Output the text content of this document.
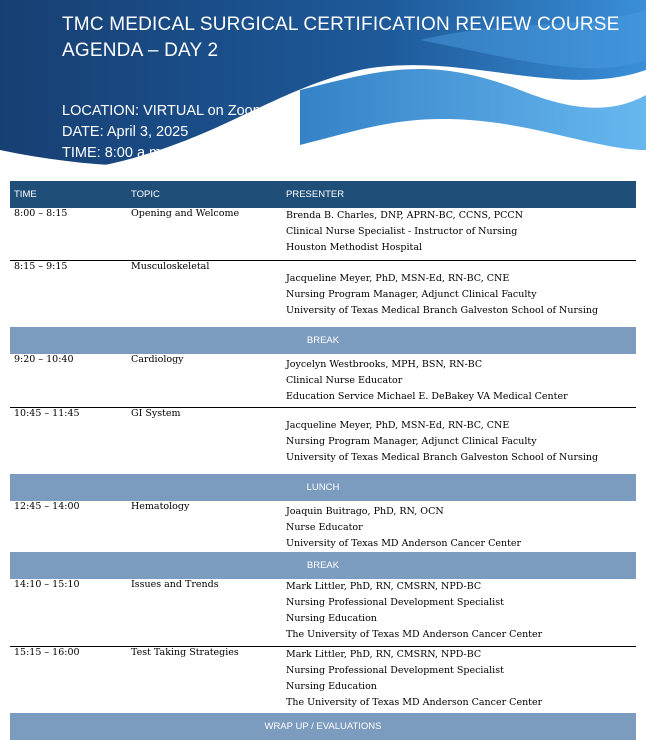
TMC MEDICAL SURGICAL CERTIFICATION REVIEW COURSE
AGENDA – DAY 2
LOCATION: VIRTUAL on Zoom
DATE: April 3, 2025
TIME: 8:00 a.m. – 5:00 p.m.
TIME	TOPIC	PRESENTER
8:00 – 8:15	Opening and Welcome	Brenda B. Charles, DNP, APRN-BC, CCNS, PCCN
Clinical Nurse Specialist - Instructor of Nursing
Houston Methodist Hospital

8:15 – 9:15	Musculoskeletal	Jacqueline Meyer, PhD, MSN-Ed, RN-BC, CNE
Nursing Program Manager, Adjunct Clinical Faculty
University of Texas Medical Branch Galveston School of Nursing

BREAK		
9:20 – 10:40	Cardiology	Joycelyn Westbrooks, MPH, BSN, RN-BC
Clinical Nurse Educator
Education Service Michael E. DeBakey VA Medical Center

10:45 – 11:45	GI System	Jacqueline Meyer, PhD, MSN-Ed, RN-BC, CNE
Nursing Program Manager, Adjunct Clinical Faculty
University of Texas Medical Branch Galveston School of Nursing

LUNCH		
12:45 – 14:00	Hematology	Joaquin Buitrago, PhD, RN, OCN
Nurse Educator
University of Texas MD Anderson Cancer Center

BREAK		
14:10 – 15:10	Issues and Trends	Mark Littler, PhD, RN, CMSRN, NPD-BC
Nursing Professional Development Specialist
Nursing Education
The University of Texas MD Anderson Cancer Center

15:15 – 16:00	Test Taking Strategies	Mark Littler, PhD, RN, CMSRN, NPD-BC
Nursing Professional Development Specialist
Nursing Education
The University of Texas MD Anderson Cancer Center

WRAP UP / EVALUATIONS		
